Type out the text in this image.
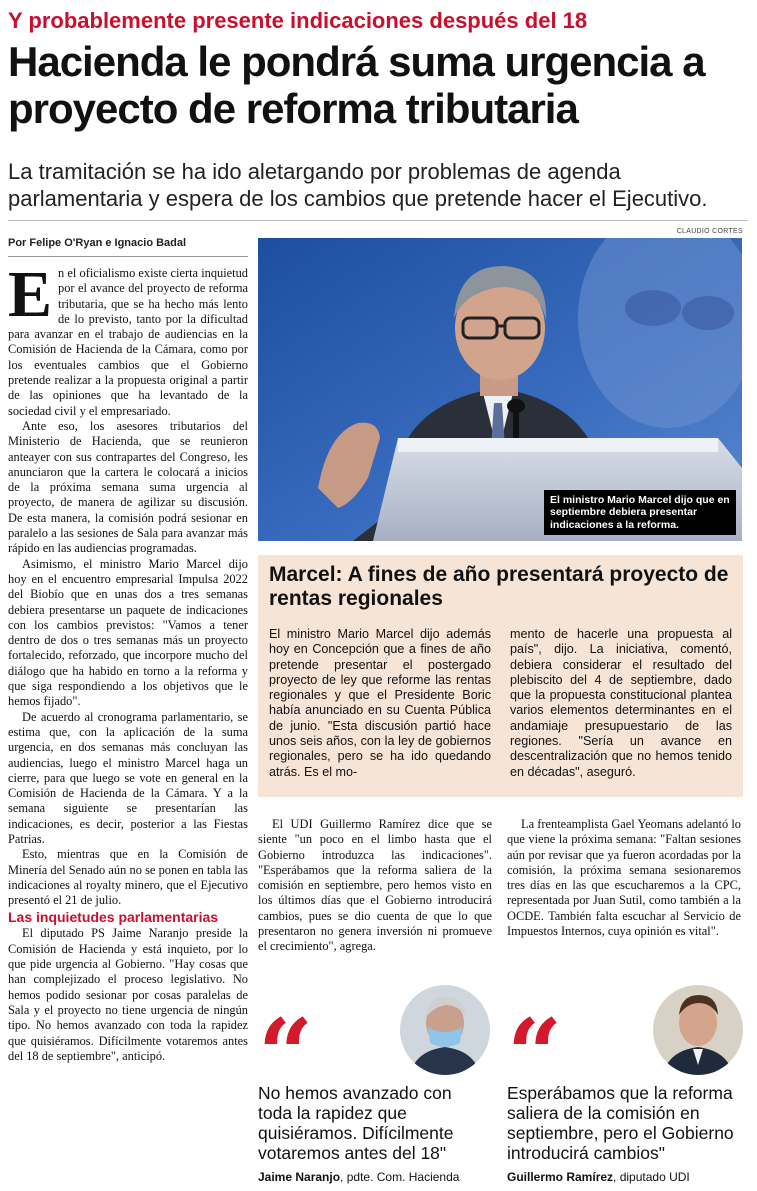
Y probablemente presente indicaciones después del 18
Hacienda le pondrá suma urgencia a proyecto de reforma tributaria
La tramitación se ha ido aletargando por problemas de agenda parlamentaria y espera de los cambios que pretende hacer el Ejecutivo.
CLAUDIO CORTES
Por Felipe O'Ryan e Ignacio Badal

En el oficialismo existe cierta inquietud por el avance del proyecto de reforma tributaria, que se ha hecho más lento de lo previsto, tanto por la dificultad para avanzar en el trabajo de audiencias en la Comisión de Hacienda de la Cámara, como por los eventuales cambios que el Gobierno pretende realizar a la propuesta original a partir de las opiniones que ha levantado de la sociedad civil y el empresariado.

Ante eso, los asesores tributarios del Ministerio de Hacienda, que se reunieron anteayer con sus contrapartes del Congreso, les anunciaron que la cartera le colocará a inicios de la próxima semana suma urgencia al proyecto, de manera de agilizar su discusión. De esta manera, la comisión podrá sesionar en paralelo a las sesiones de Sala para avanzar más rápido en las audiencias programadas.

Asimismo, el ministro Mario Marcel dijo hoy en el encuentro empresarial Impulsa 2022 del Biobío que en unas dos a tres semanas debiera presentarse un paquete de indicaciones con los cambios previstos: "Vamos a tener dentro de dos o tres semanas más un proyecto fortalecido, reforzado, que incorpore mucho del diálogo que ha habido en torno a la reforma y que siga respondiendo a los objetivos que le hemos fijado".

De acuerdo al cronograma parlamentario, se estima que, con la aplicación de la suma urgencia, en dos semanas más concluyan las audiencias, luego el ministro Marcel haga un cierre, para que luego se vote en general en la Comisión de Hacienda de la Cámara. Y a la semana siguiente se presentarían las indicaciones, es decir, posterior a las Fiestas Patrias.

Esto, mientras que en la Comisión de Minería del Senado aún no se ponen en tabla las indicaciones al royalty minero, que el Ejecutivo presentó el 21 de julio.

Las inquietudes parlamentarias

El diputado PS Jaime Naranjo preside la Comisión de Hacienda y está inquieto, por lo que pide urgencia al Gobierno. "Hay cosas que han complejizado el proceso legislativo. No hemos podido sesionar por cosas paralelas de Sala y el proyecto no tiene urgencia de ningún tipo. No hemos avanzado con toda la rapidez que quisiéramos. Difícilmente votaremos antes del 18 de septiembre", anticipó.

El ministro Mario Marcel dijo que en septiembre debiera presentar indicaciones a la reforma.
Marcel: A fines de año presentará proyecto de rentas regionales
El ministro Mario Marcel dijo además hoy en Concepción que a fines de año pretende presentar el postergado proyecto de ley que reforme las rentas regionales y que el Presidente Boric había anunciado en su Cuenta Pública de junio. "Esta discusión partió hace unos seis años, con la ley de gobiernos regionales, pero se ha ido quedando atrás. Es el mo-
mento de hacerle una propuesta al país", dijo. La iniciativa, comentó, debiera considerar el resultado del plebiscito del 4 de septiembre, dado que la propuesta constitucional plantea varios elementos determinantes en el andamiaje presupuestario de las regiones. "Sería un avance en descentralización que no hemos tenido en décadas", aseguró.

El UDI Guillermo Ramírez dice que se siente "un poco en el limbo hasta que el Gobierno introduzca las indicaciones". "Esperábamos que la reforma saliera de la comisión en septiembre, pero hemos visto en los últimos días que el Gobierno introducirá cambios, pues se dio cuenta de que lo que presentaron no genera inversión ni promueve el crecimiento", agrega.

La frenteamplista Gael Yeomans adelantó lo que viene la próxima semana: "Faltan sesiones aún por revisar que ya fueron acordadas por la comisión, la próxima semana sesionaremos tres días en las que escucharemos a la CPC, representada por Juan Sutil, como también a la OCDE. También falta escuchar al Servicio de Impuestos Internos, cuya opinión es vital".

“
No hemos avanzado con toda la rapidez que quisiéramos. Difícilmente votaremos antes del 18"
Jaime Naranjo, pdte. Com. Hacienda
“
Esperábamos que la reforma saliera de la comisión en septiembre, pero el Gobierno introducirá cambios"
Guillermo Ramírez, diputado UDI
